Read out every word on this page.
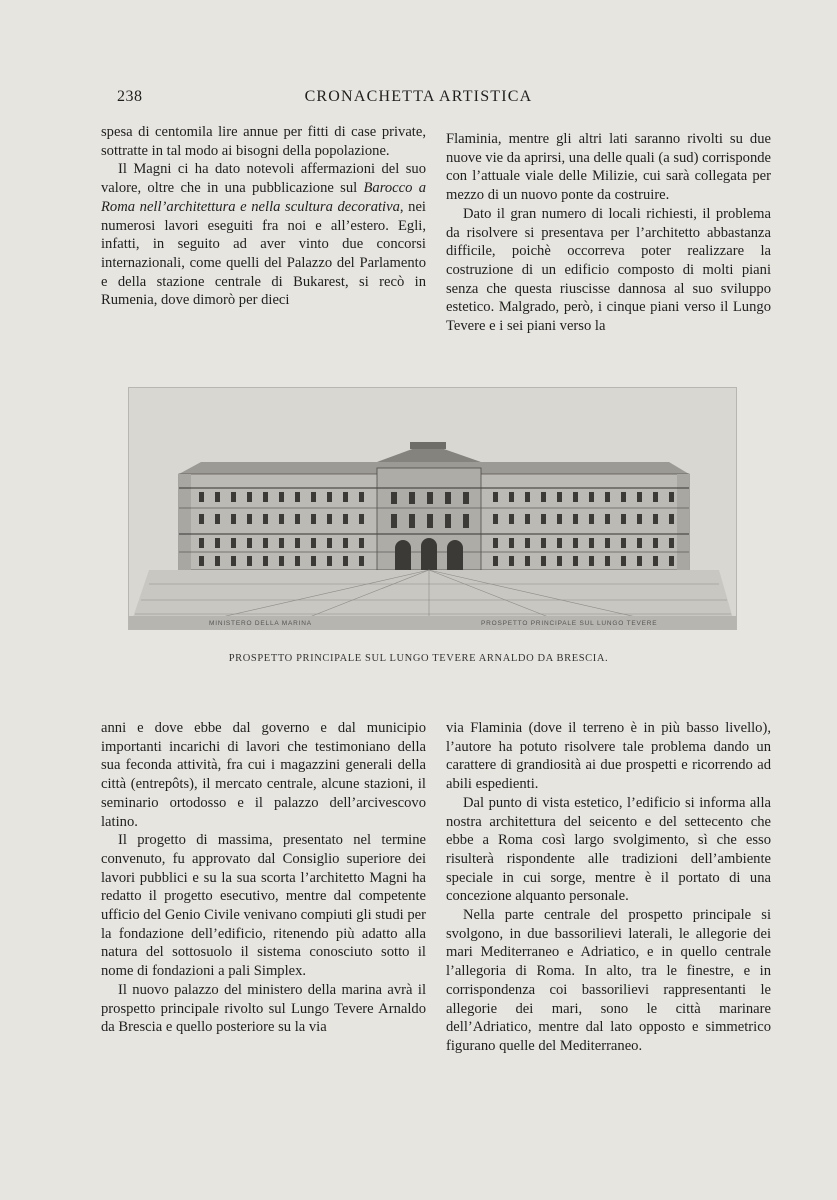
238	CRONACHETTA ARTISTICA

spesa di centomila lire annue per fitti di case private, sottratte in tal modo ai bisogni della popolazione.

Il Magni ci ha dato notevoli affermazioni del suo valore, oltre che in una pubblicazione sul Barocco a Roma nell’architettura e nella scultura decorativa, nei numerosi lavori eseguiti fra noi e all’estero. Egli, infatti, in seguito ad aver vinto due concorsi internazionali, come quelli del Palazzo del Parlamento e della stazione centrale di Bukarest, si recò in Rumenia, dove dimorò per dieci

Flaminia, mentre gli altri lati saranno rivolti su due nuove vie da aprirsi, una delle quali (a sud) corrisponde con l’attuale viale delle Milizie, cui sarà collegata per mezzo di un nuovo ponte da costruire.

Dato il gran numero di locali richiesti, il problema da risolvere si presentava per l’architetto abbastanza difficile, poichè occorreva poter realizzare la costruzione di un edificio composto di molti piani senza che questa riuscisse dannosa al suo sviluppo estetico. Malgrado, però, i cinque piani verso il Lungo Tevere e i sei piani verso la

MINISTERO DELLA MARINA	PROSPETTO PRINCIPALE SUL LUNGO TEVERE
PROSPETTO PRINCIPALE SUL LUNGO TEVERE ARNALDO DA BRESCIA.

anni e dove ebbe dal governo e dal municipio importanti incarichi di lavori che testimoniano della sua feconda attività, fra cui i magazzini generali della città (entrepôts), il mercato centrale, alcune stazioni, il seminario ortodosso e il palazzo dell’arcivescovo latino.

Il progetto di massima, presentato nel termine convenuto, fu approvato dal Consiglio superiore dei lavori pubblici e su la sua scorta l’architetto Magni ha redatto il progetto esecutivo, mentre dal competente ufficio del Genio Civile venivano compiuti gli studi per la fondazione dell’edificio, ritenendo più adatto alla natura del sottosuolo il sistema conosciuto sotto il nome di fondazioni a pali Simplex.

Il nuovo palazzo del ministero della marina avrà il prospetto principale rivolto sul Lungo Tevere Arnaldo da Brescia e quello posteriore su la via

via Flaminia (dove il terreno è in più basso livello), l’autore ha potuto risolvere tale problema dando un carattere di grandiosità ai due prospetti e ricorrendo ad abili espedienti.

Dal punto di vista estetico, l’edificio si informa alla nostra architettura del seicento e del settecento che ebbe a Roma così largo svolgimento, sì che esso risulterà rispondente alle tradizioni dell’ambiente speciale in cui sorge, mentre è il portato di una concezione alquanto personale.

Nella parte centrale del prospetto principale si svolgono, in due bassorilievi laterali, le allegorie dei mari Mediterraneo e Adriatico, e in quello centrale l’allegoria di Roma. In alto, tra le finestre, e in corrispondenza coi bassorilievi rappresentanti le allegorie dei mari, sono le città marinare dell’Adriatico, mentre dal lato opposto e simmetrico figurano quelle del Mediterraneo.
